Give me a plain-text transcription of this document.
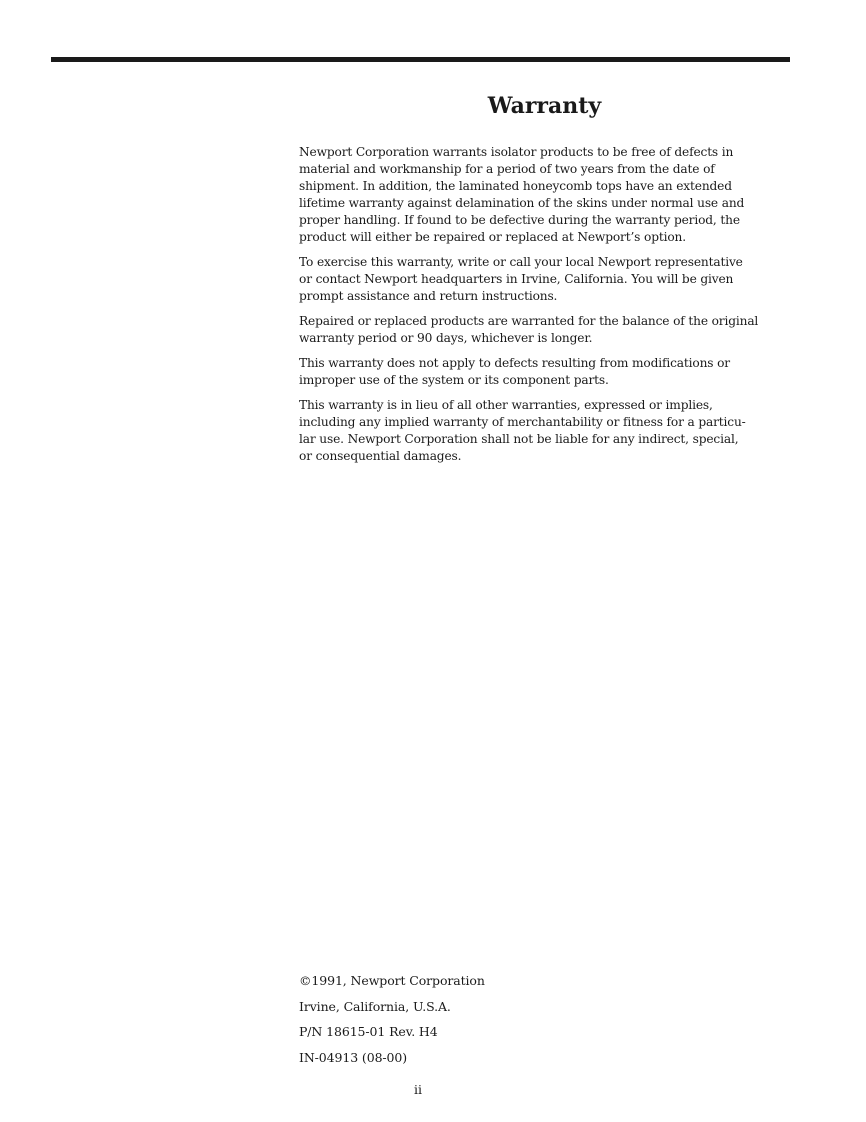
Warranty

Newport Corporation warrants isolator products to be free of defects in
material and workmanship for a period of two years from the date of
shipment. In addition, the laminated honeycomb tops have an extended
lifetime warranty against delamination of the skins under normal use and
proper handling. If found to be defective during the warranty period, the
product will either be repaired or replaced at Newport’s option.

To exercise this warranty, write or call your local Newport representative
or contact Newport headquarters in Irvine, California. You will be given
prompt assistance and return instructions.

Repaired or replaced products are warranted for the balance of the original
warranty period or 90 days, whichever is longer.

This warranty does not apply to defects resulting from modifications or
improper use of the system or its component parts.

This warranty is in lieu of all other warranties, expressed or implies,
including any implied warranty of merchantability or fitness for a particu-
lar use. Newport Corporation shall not be liable for any indirect, special,
or consequential damages.

©1991, Newport Corporation
Irvine, California, U.S.A.
P/N 18615-01 Rev. H4
IN-04913 (08-00)
ii
